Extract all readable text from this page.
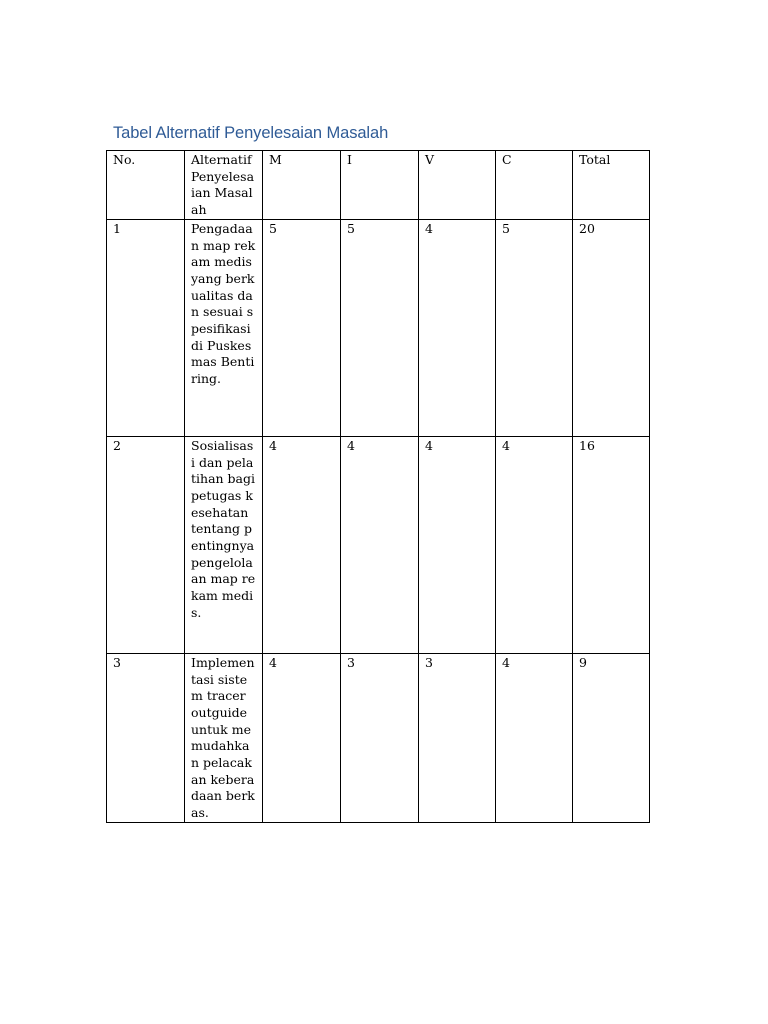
Tabel Alternatif Penyelesaian Masalah
No.	Alternatif Penyelesaian Masalah	M	I	V	C	Total

1	Pengadaan map rekam medis yang berkualitas dan sesuai spesifikasi di Puskesmas Bentiring.	5	5	4	5	20

2	Sosialisasi dan pelatihan bagi petugas kesehatan tentang pentingnya pengelolaan map rekam medis.	4	4	4	4	16

3	Implementasi sistem tracer outguide untuk memudahkan pelacakan keberadaan berkas.	4	3	3	4	9
